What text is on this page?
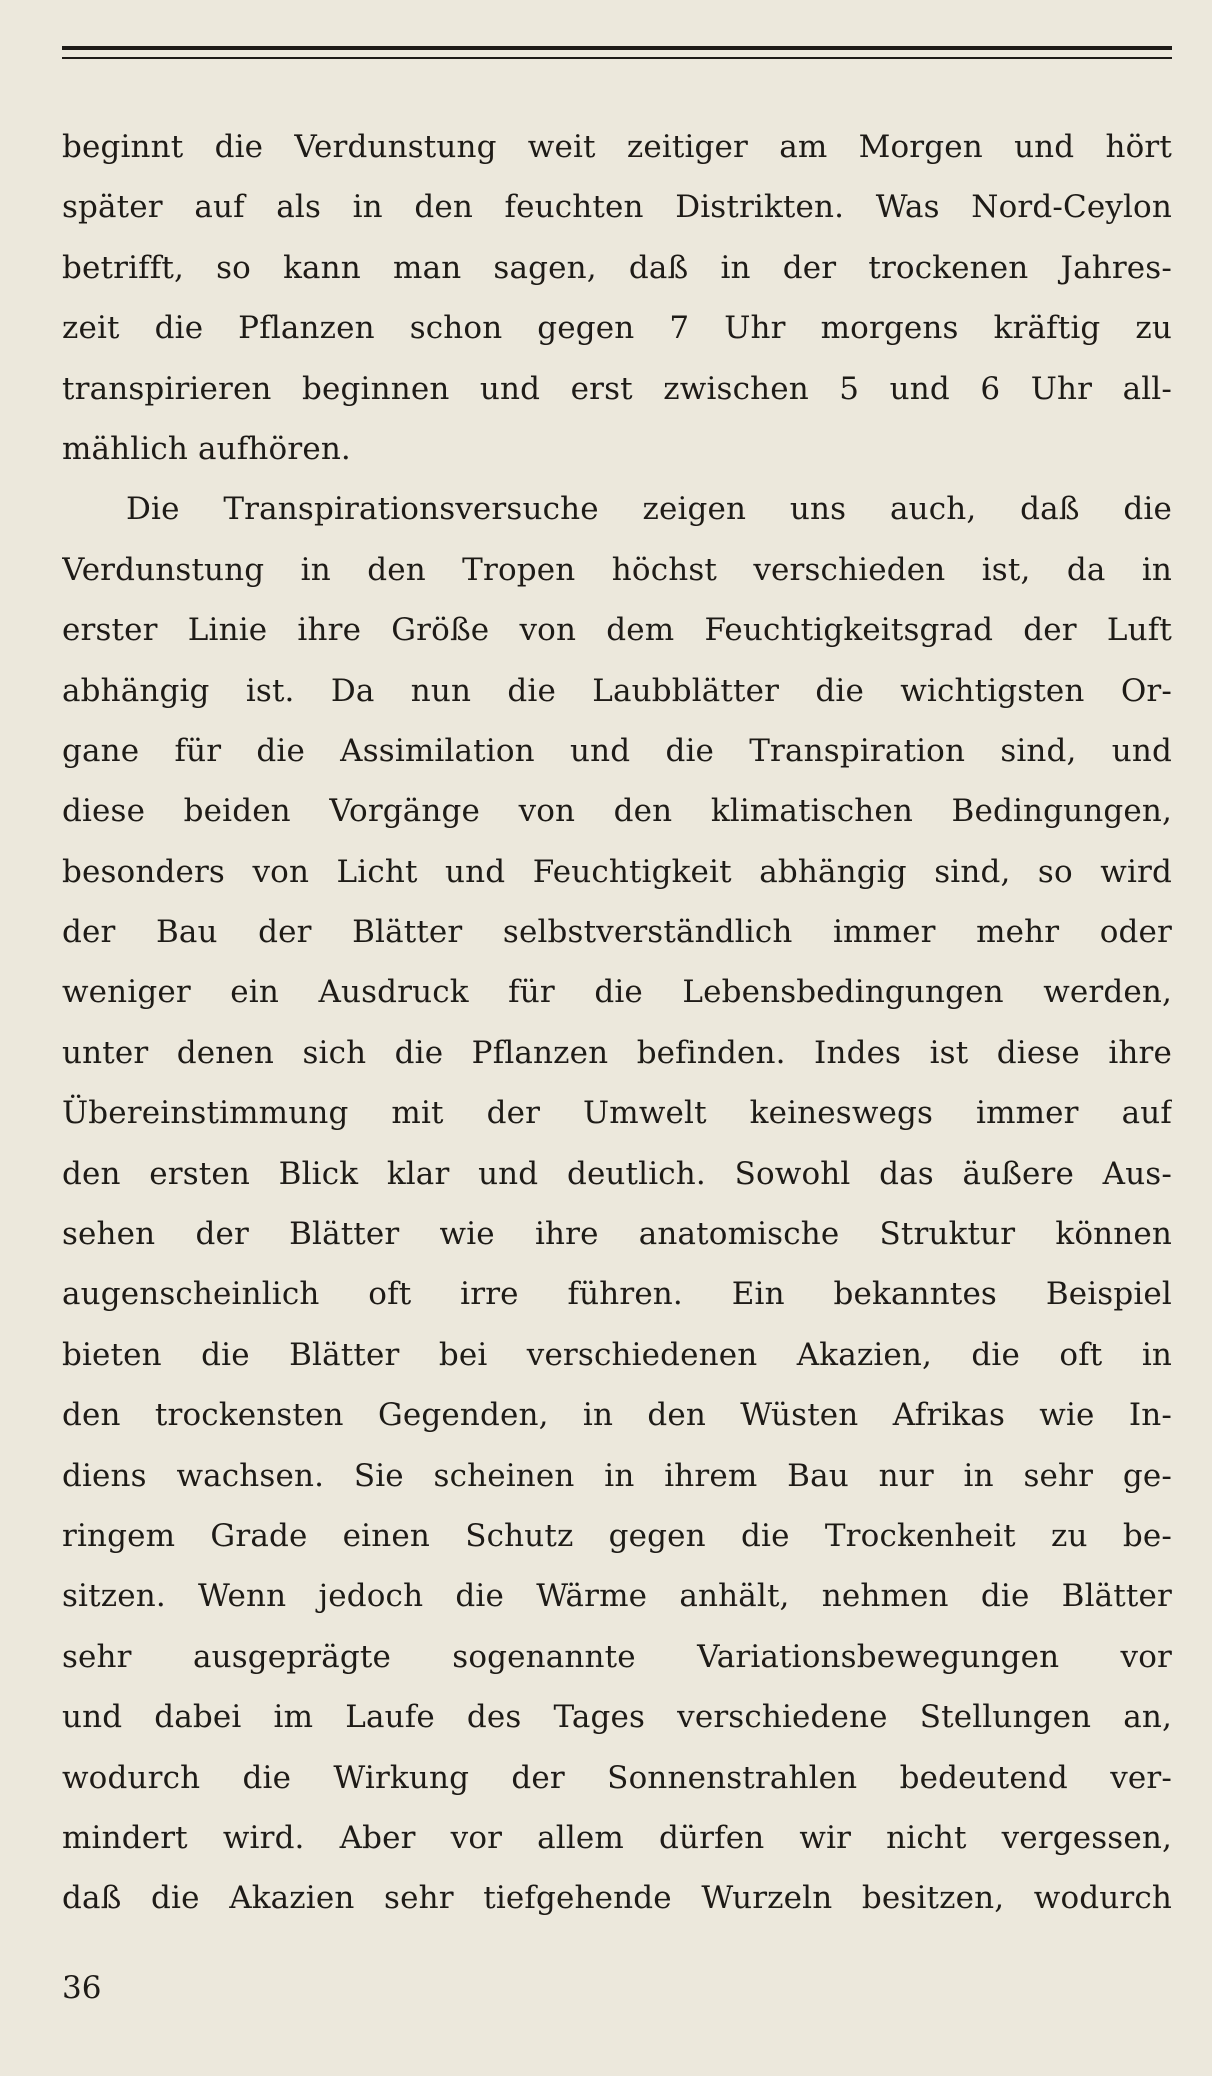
beginnt die Verdunstung weit zeitiger am Morgen und hört
später auf als in den feuchten Distrikten. Was Nord-Ceylon
betrifft, so kann man sagen, daß in der trockenen Jahres-
zeit die Pflanzen schon gegen 7 Uhr morgens kräftig zu
transpirieren beginnen und erst zwischen 5 und 6 Uhr all-
mählich aufhören.
Die Transpirationsversuche zeigen uns auch, daß die
Verdunstung in den Tropen höchst verschieden ist, da in
erster Linie ihre Größe von dem Feuchtigkeitsgrad der Luft
abhängig ist. Da nun die Laubblätter die wichtigsten Or-
gane für die Assimilation und die Transpiration sind, und
diese beiden Vorgänge von den klimatischen Bedingungen,
besonders von Licht und Feuchtigkeit abhängig sind, so wird
der Bau der Blätter selbstverständlich immer mehr oder
weniger ein Ausdruck für die Lebensbedingungen werden,
unter denen sich die Pflanzen befinden. Indes ist diese ihre
Übereinstimmung mit der Umwelt keineswegs immer auf
den ersten Blick klar und deutlich. Sowohl das äußere Aus-
sehen der Blätter wie ihre anatomische Struktur können
augenscheinlich oft irre führen. Ein bekanntes Beispiel
bieten die Blätter bei verschiedenen Akazien, die oft in
den trockensten Gegenden, in den Wüsten Afrikas wie In-
diens wachsen. Sie scheinen in ihrem Bau nur in sehr ge-
ringem Grade einen Schutz gegen die Trockenheit zu be-
sitzen. Wenn jedoch die Wärme anhält, nehmen die Blätter
sehr ausgeprägte sogenannte Variationsbewegungen vor
und dabei im Laufe des Tages verschiedene Stellungen an,
wodurch die Wirkung der Sonnenstrahlen bedeutend ver-
mindert wird. Aber vor allem dürfen wir nicht vergessen,
daß die Akazien sehr tiefgehende Wurzeln besitzen, wodurch
36
